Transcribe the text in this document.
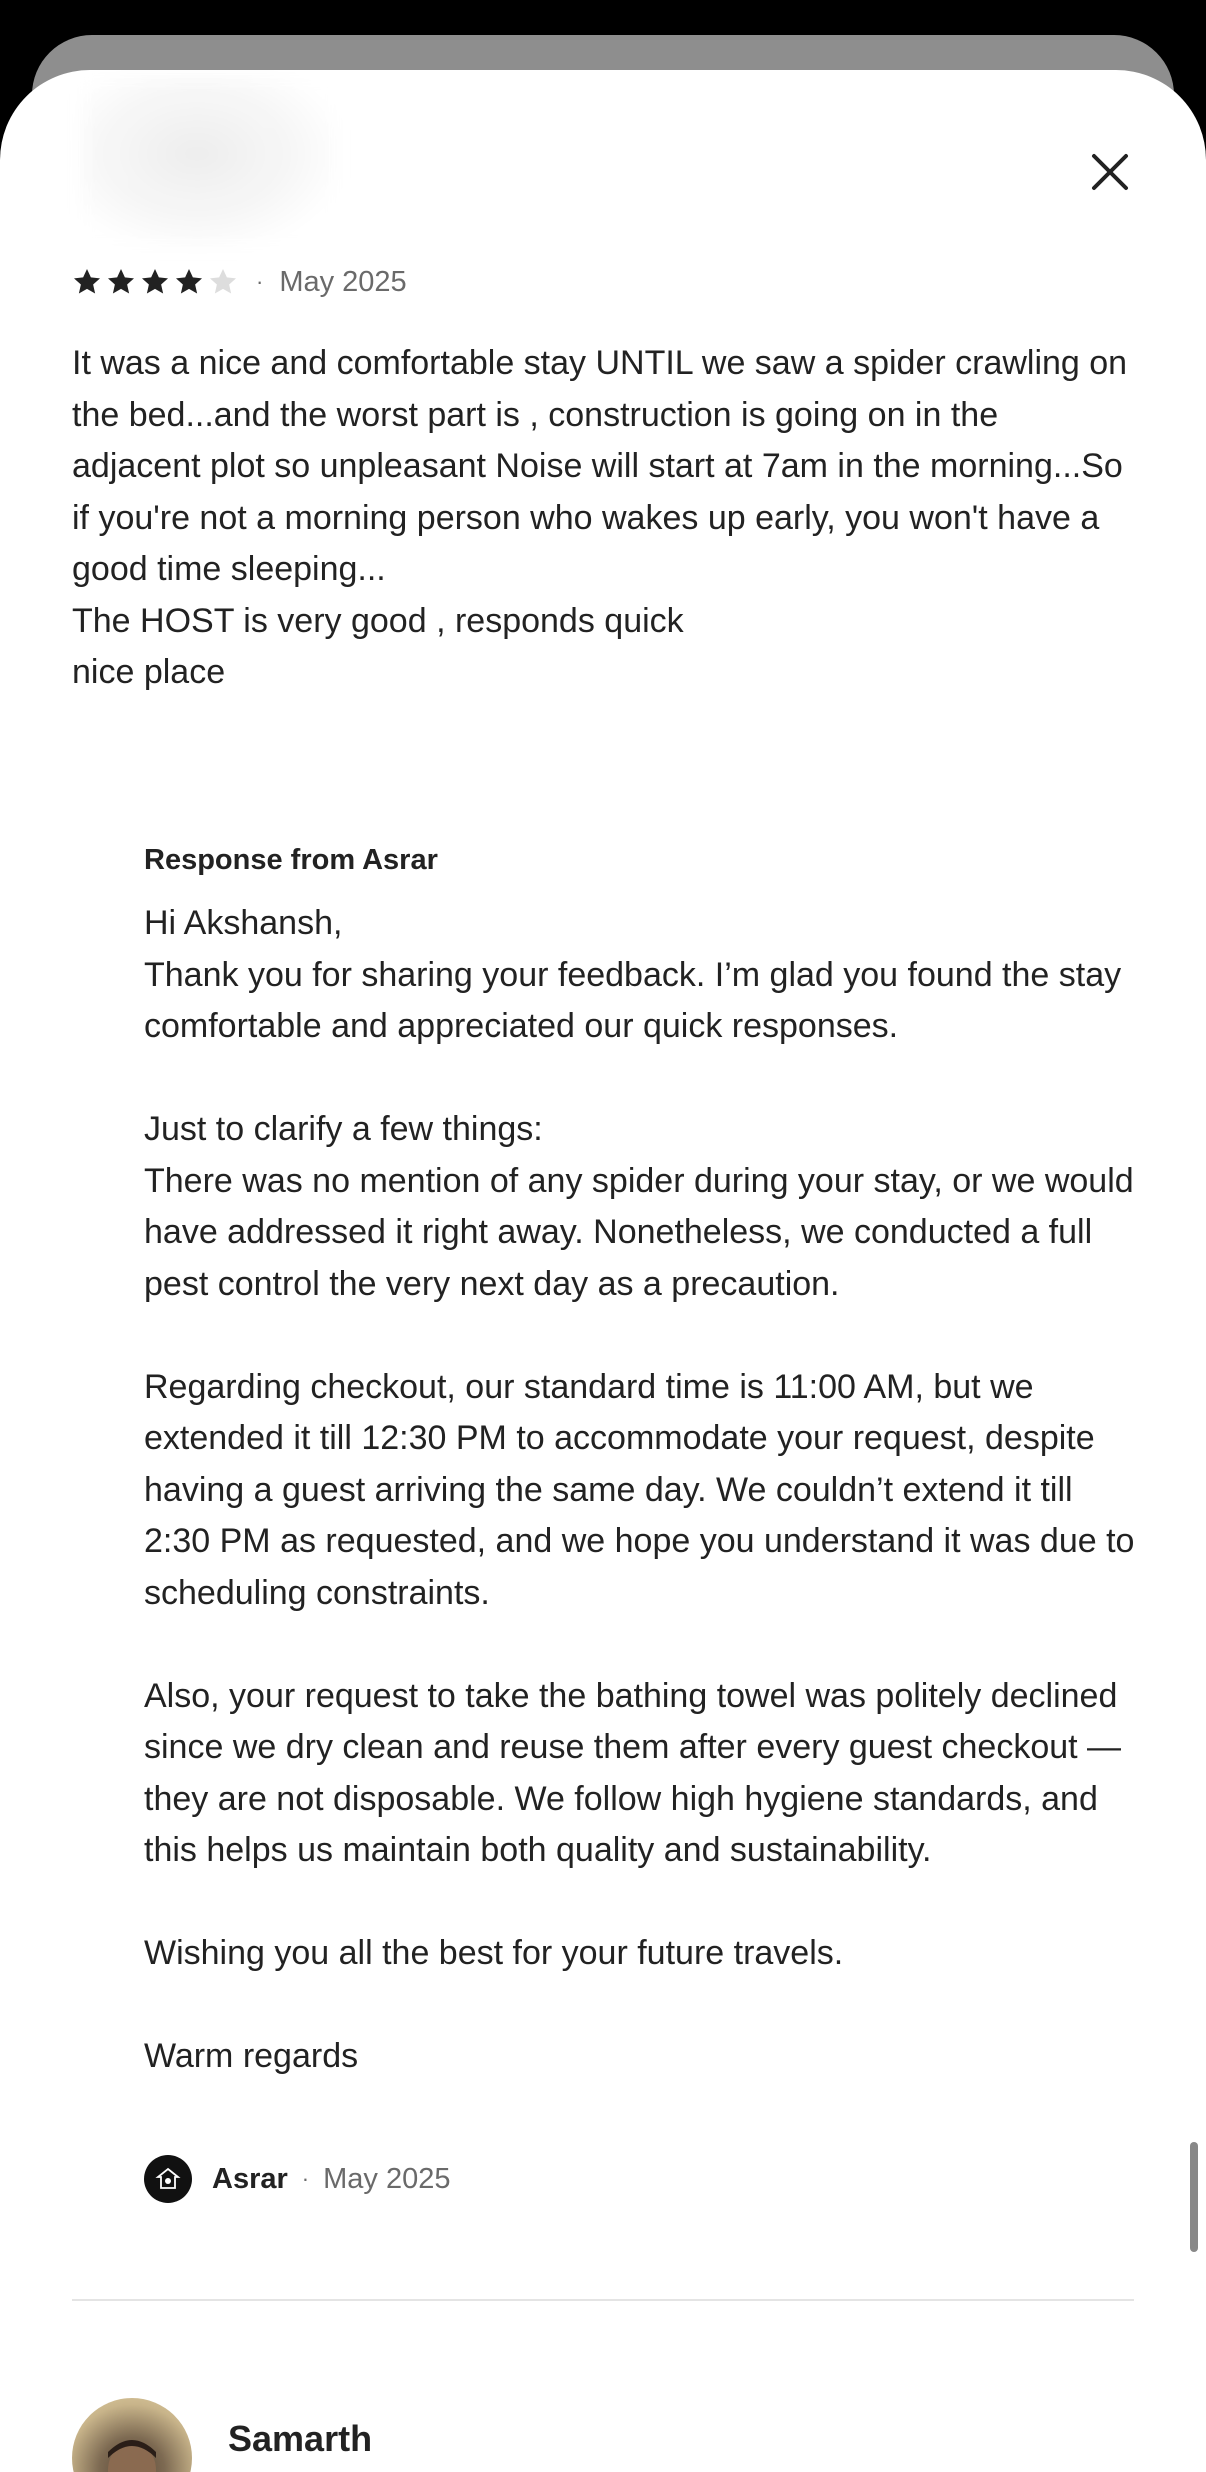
· May 2025

It was a nice and comfortable stay UNTIL we saw a spider crawling on the bed...and the worst part is , construction is going on in the adjacent plot so unpleasant Noise will start at 7am in the morning...So if you're not a morning person who wakes up early, you won't have a good time sleeping...
The HOST is very good , responds quick
nice place

Response from Asrar

Hi Akshansh,
Thank you for sharing your feedback. I’m glad you found the stay comfortable and appreciated our quick responses.

Just to clarify a few things:
There was no mention of any spider during your stay, or we would have addressed it right away. Nonetheless, we conducted a full pest control the very next day as a precaution.

Regarding checkout, our standard time is 11:00 AM, but we extended it till 12:30 PM to accommodate your request, despite having a guest arriving the same day. We couldn’t extend it till 2:30 PM as requested, and we hope you understand it was due to scheduling constraints.

Also, your request to take the bathing towel was politely declined since we dry clean and reuse them after every guest checkout — they are not disposable. We follow high hygiene standards, and this helps us maintain both quality and sustainability.

Wishing you all the best for your future travels.

Warm regards

Asrar · May 2025
Samarth
